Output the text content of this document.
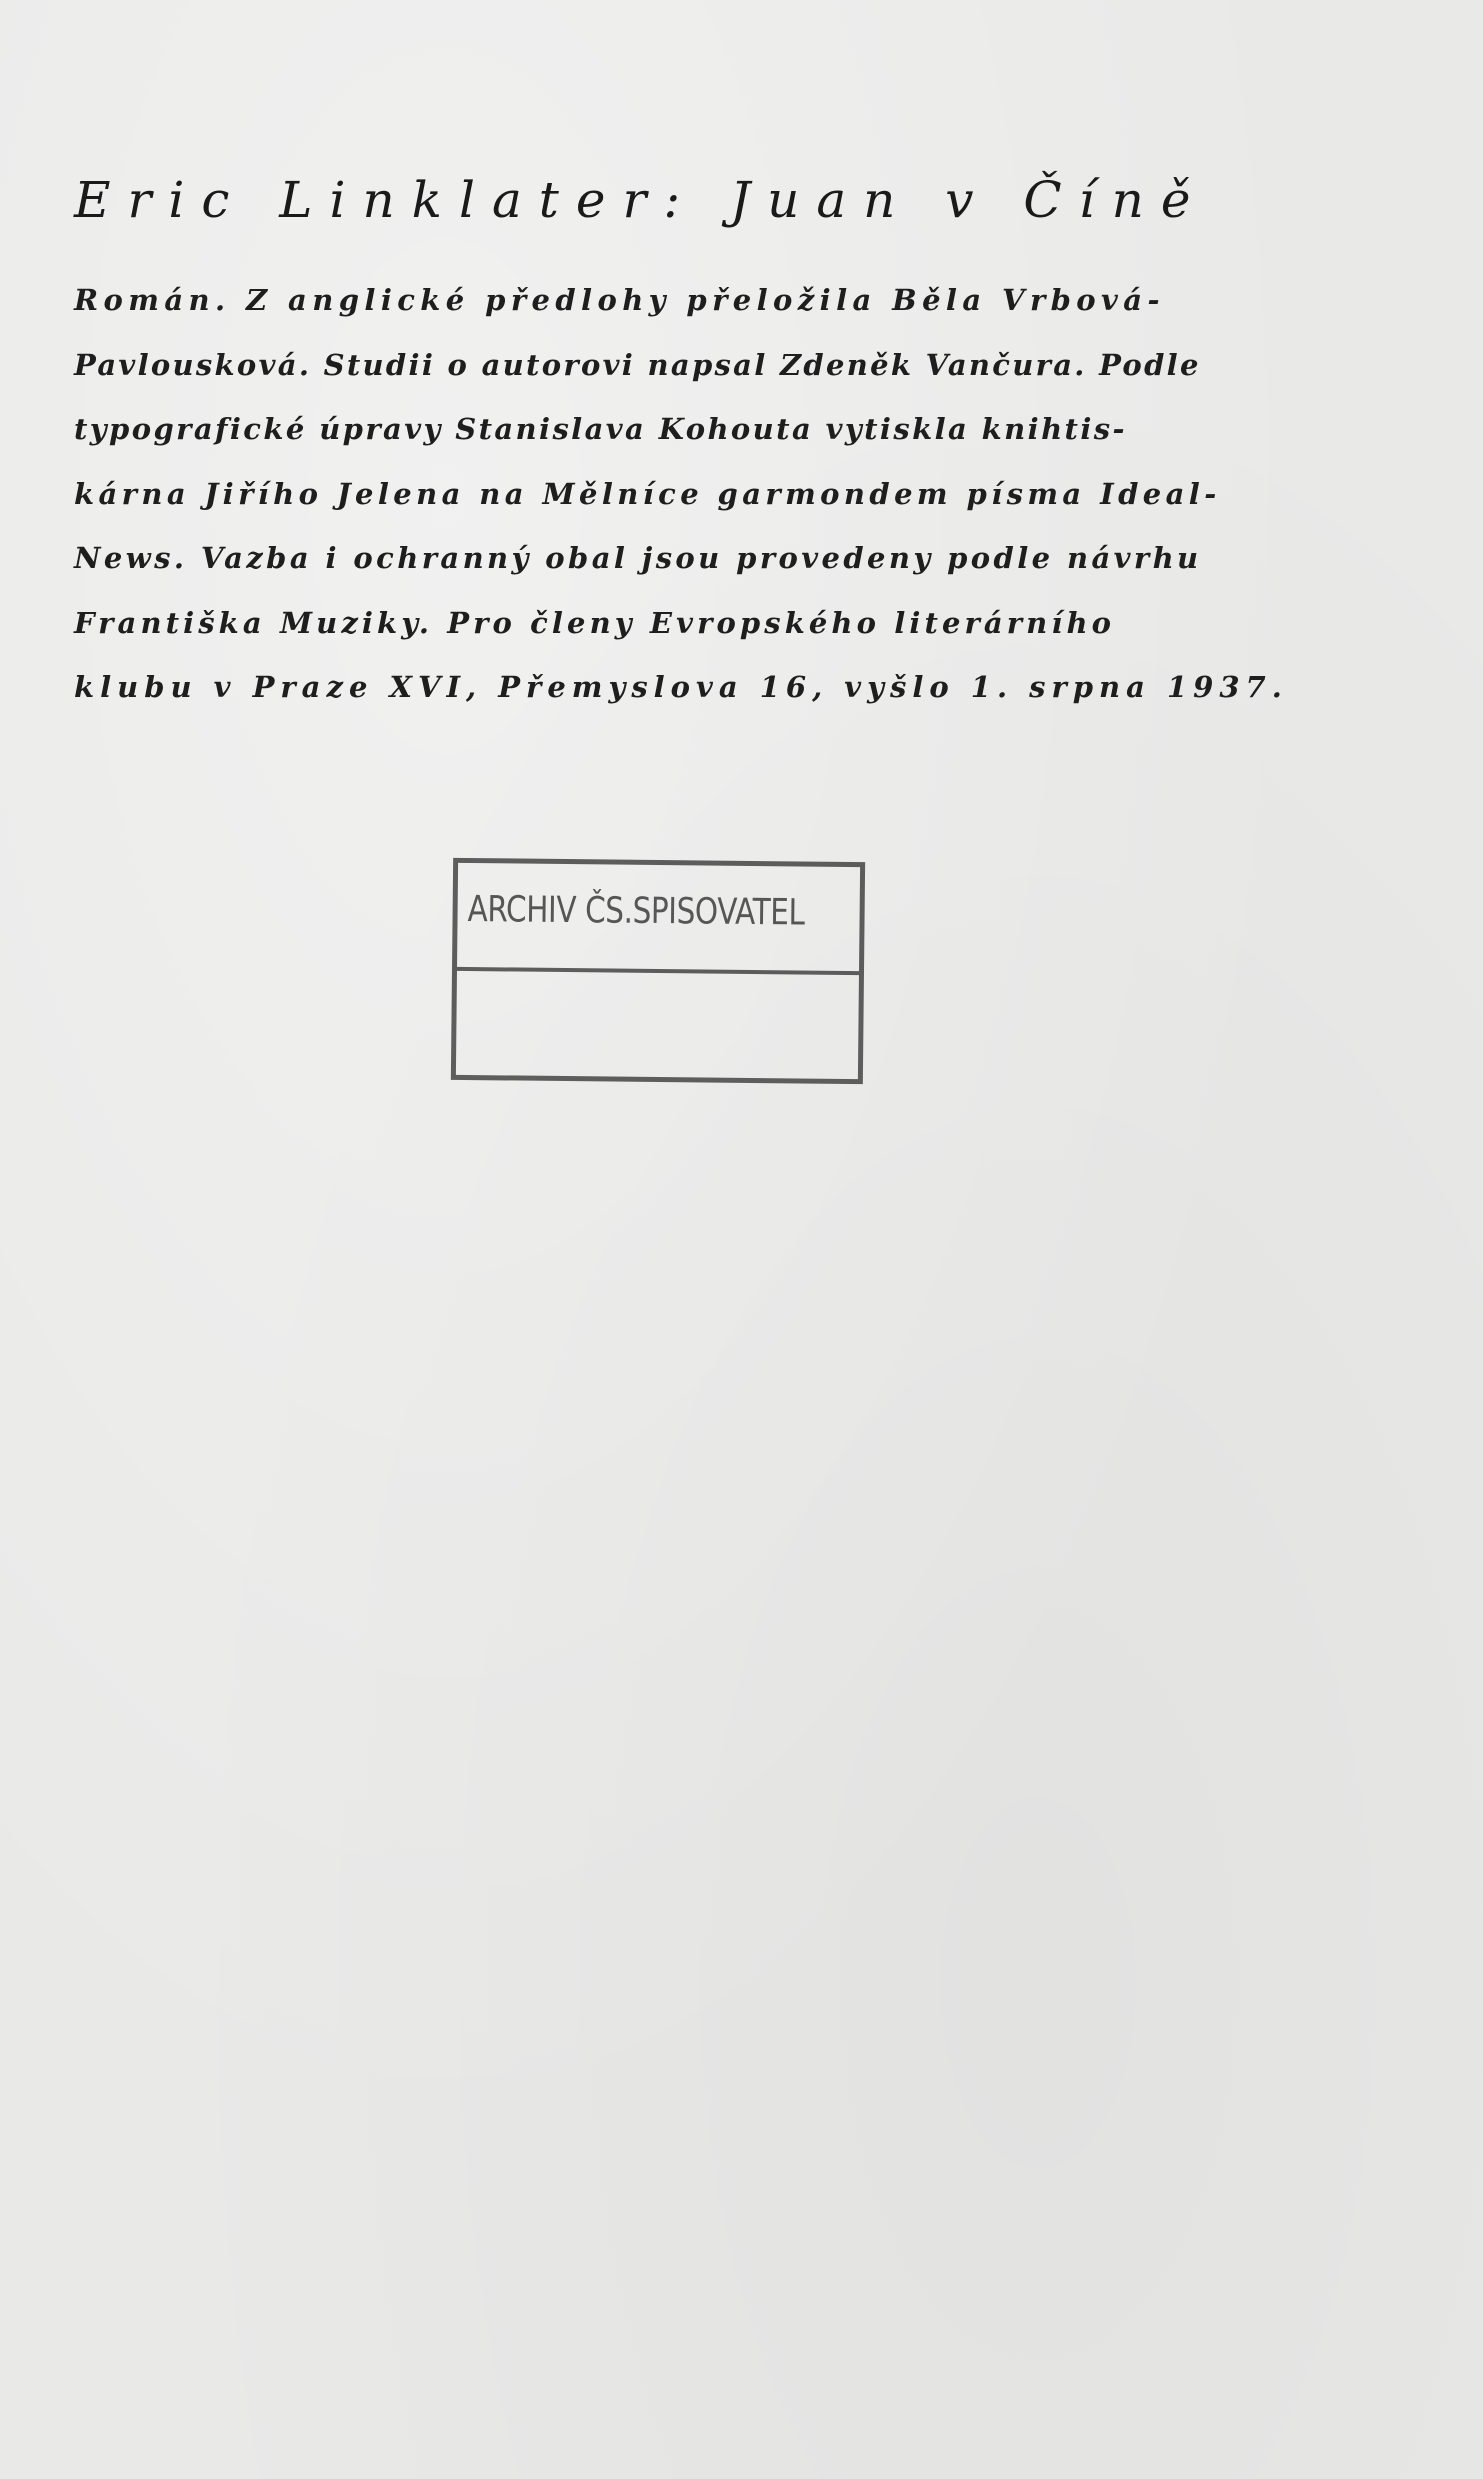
Eric Linklater: Juan v Číně
Román. Z anglické předlohy přeložila Běla Vrbová-
Pavlousková. Studii o autorovi napsal Zdeněk Vančura. Podle
typografické úpravy Stanislava Kohouta vytiskla knihtis-
kárna Jiřího Jelena na Mělníce garmondem písma Ideal-
News. Vazba i ochranný obal jsou provedeny podle návrhu
Františka Muziky. Pro členy Evropského literárního
klubu v Praze XVI, Přemyslova 16, vyšlo 1. srpna 1937.
ARCHIV ČS.SPISOVATEL
